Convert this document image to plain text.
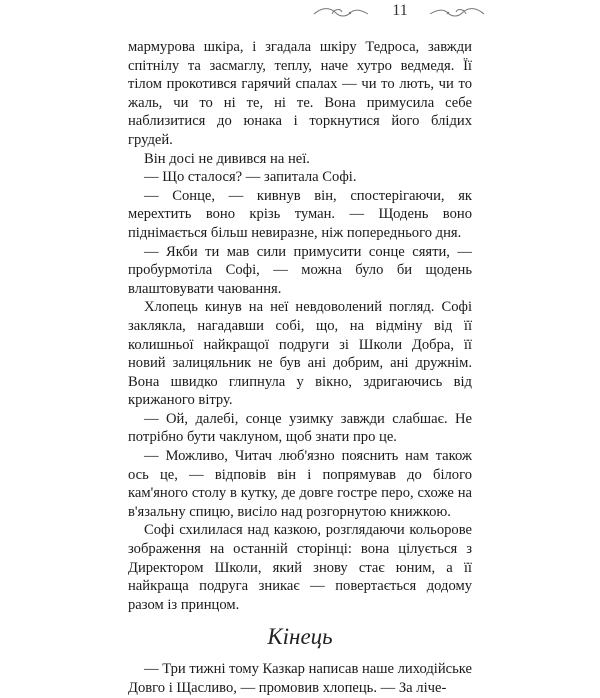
11

мармурова шкіра, і згадала шкіру Тедроса, завжди спітнілу та засмаглу, теплу, наче хутро ведмедя. Її тілом прокотився гарячий спалах — чи то лють, чи то жаль, чи то ні те, ні те. Вона примусила себе наблизитися до юнака і торкнутися його блідих грудей.

Він досі не дивився на неї.

— Що сталося? — запитала Софі.

— Сонце, — кивнув він, спостерігаючи, як мерехтить воно крізь туман. — Щодень воно піднімається більш невиразне, ніж попереднього дня.

— Якби ти мав сили примусити сонце сяяти, — пробурмотіла Софі, — можна було би щодень влаштовувати чаювання.

Хлопець кинув на неї невдоволений погляд. Софі заклякла, нагадавши собі, що, на відміну від її колишньої найкращої подруги зі Школи Добра, її новий залицяльник не був ані добрим, ані дружнім. Вона швидко глипнула у вікно, здригаючись від крижаного вітру.

— Ой, далебі, сонце узимку завжди слабшає. Не потрібно бути чаклуном, щоб знати про це.

— Можливо, Читач люб'язно пояснить нам також ось це, — відповів він і попрямував до білого кам'яного столу в кутку, де довге гостре перо, схоже на в'язальну спицю, висіло над розгорнутою книжкою.

Софі схилилася над казкою, розглядаючи кольорове зображення на останній сторінці: вона цілується з Директором Школи, який знову стає юним, а її найкраща подруга зникає — повертається додому разом із принцом.

Кінець

— Три тижні тому Казкар написав наше лиходійське Довго і Щасливо, — промовив хлопець. — За лічe-
